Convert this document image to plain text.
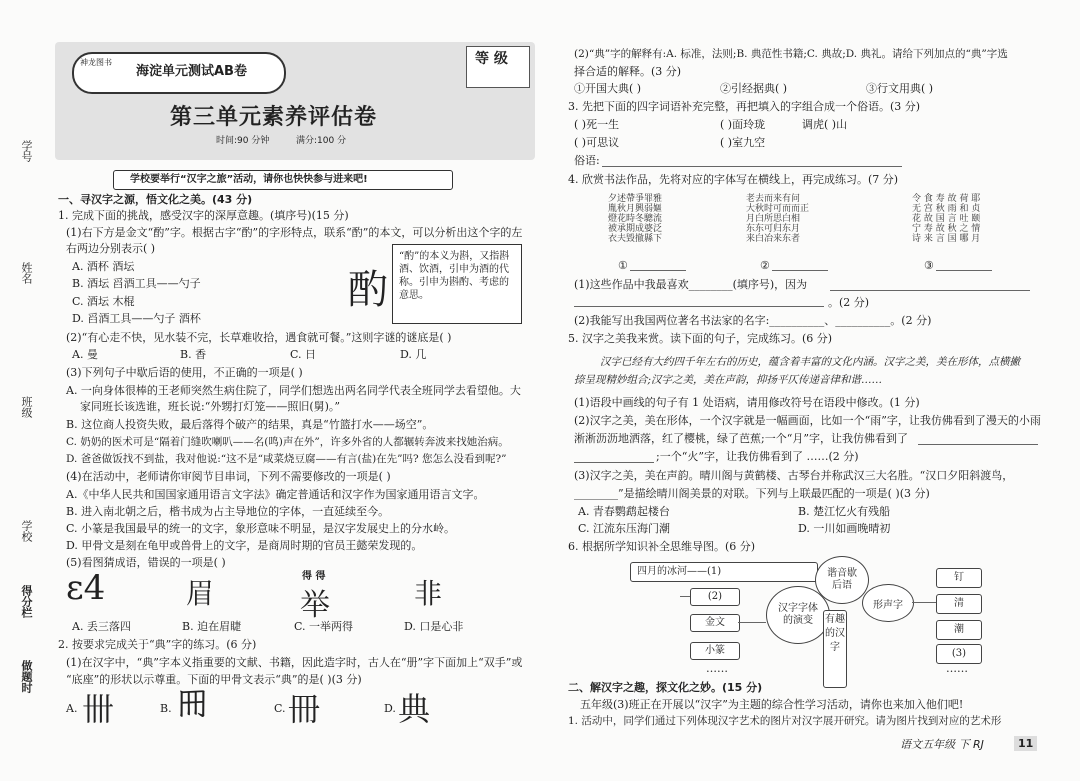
学号
姓名
班级
学校
得分栏
做题时
神龙图书
海淀单元测试AB卷
等 级
第三单元素养评估卷
时间:90 分钟	满分:100 分
学校要举行“汉字之旅”活动，请你也快快参与进来吧!
一、寻汉字之源，悟文化之美。(43 分)
1. 完成下面的挑战，感受汉字的深厚意趣。(填序号)(15 分)
(1)右下方是金文“酌”字。根据古字“酌”的字形特点，联系“酌”的本文，可以分析出这个字的左
右两边分别表示( )
A. 酒杯 酒坛
B. 酒坛 舀酒工具——勺子
C. 酒坛 木棍
D. 舀酒工具——勺子 酒杯
酌
“酌”的本义为斟，又指斟酒、饮酒，引申为酒的代称。引申为斟酌、考虑的意思。
(2)“有心走不快，见水装不完，长草难收拾，遇食就可餐。”这则字谜的谜底是( )
A. 曼	B. 香	C. 日	D. 几
(3)下列句子中歇后语的使用，不正确的一项是( )
A. 一向身体很棒的王老师突然生病住院了，同学们想选出两名同学代表全班同学去看望他。大
家同班长该选谁，班长说:“外甥打灯笼——照旧(舅)。”
B. 这位商人投资失败，最后落得个破产的结果，真是“竹篮打水——场空”。
C. 奶奶的医术可是“隔着门缝吹喇叭——名(鸣)声在外”，许多外省的人都辗转奔波来找她治病。
D. 爸爸做饭找不到盐，我对他说:“这不是“咸菜烧豆腐——有言(盐)在先”吗? 您怎么没看到呢?”
(4)在活动中，老师请你审阅节目串词，下列不需要修改的一项是( )
A.《中华人民共和国国家通用语言文字法》确定普通话和汉字作为国家通用语言文字。
B. 进入南北朝之后，楷书成为占主导地位的字体，一直延续至今。
C. 小篆是我国最早的统一的文字，象形意味不明显，是汉字发展史上的分水岭。
D. 甲骨文是刻在龟甲或兽骨上的文字，是商周时期的官员王懿荣发现的。
(5)看图猜成语，错误的一项是( )
ɛ4	眉
得 得
举	非
A. 丢三落四	B. 迫在眉睫	C. 一举两得	D. 口是心非
2. 按要求完成关于“典”字的练习。(6 分)
(1)在汉字中，“典”字本义指重要的文献、书籍，因此造字时，古人在“册”字下面加上“双手”或
“底座”的形状以示尊重。下面的甲骨文表示“典”的是( )(3 分)
A. 卌	B. 𠕁	C. 冊	D. 典
(2)“典”字的解释有:A. 标准，法则;B. 典范性书籍;C. 典故;D. 典礼。请给下列加点的“典”字选
择合适的解释。(3 分)
①开国大典( )	②引经据典( )	③行文用典( )
3. 先把下面的四字词语补充完整，再把填入的字组合成一个俗语。(3 分)
( )死一生	( )面玲珑	调虎( )山
( )可思议	( )室九空
俗语:
4. 欣赏书法作品，先将对应的字体写在横线上，再完成练习。(7 分)
夕述帶爭罪雅
胤秋月興弱嫗
燈花時冬驄流
被承期成婆泛
衣夫毀撤縣下
老去而来有问
大秋时可而而正
月白所思白相
东东可归东月
来白冶来东者
令 食 寿 故 荷 耶
无 宫 秋 雨 和 贞
花 故 国 言 吐 颐
宁 寿 故 秋 之 情
诗 来 言 国 哪 月
①	②	③
(1)这些作品中我最喜欢________(填序号)，因为
。(2 分)
(2)我能写出我国两位著名书法家的名字:__________、__________。(2 分)
5. 汉字之美我来赏。读下面的句子，完成练习。(6 分)
汉字已经有大约四千年左右的历史，蕴含着丰富的文化内涵。汉字之美，美在形体，点横撇
捺呈现精妙组合;汉字之美，美在声韵，抑扬平仄传递音律和谐……
(1)语段中画线的句子有 1 处语病，请用修改符号在语段中修改。(1 分)
(2)汉字之美，美在形体，一个汉字就是一幅画面，比如一个“雨”字，让我仿佛看到了漫天的小雨
淅淅沥沥地洒落，红了樱桃，绿了芭蕉;一个“月”字，让我仿佛看到了
;一个“火”字，让我仿佛看到了 ……(2 分)
(3)汉字之美，美在声韵。晴川阁与黄鹤楼、古琴台并称武汉三大名胜。“汉口夕阳斜渡鸟，
________”是描绘晴川阁美景的对联。下列与上联最匹配的一项是( )(3 分)
A. 青春鹦鹉起楼台	B. 楚江忆火有残船
C. 江流东压海门潮	D. 一川如画晚晴初
6. 根据所学知识补全思维导图。(6 分)
四月的冰河——(1)	谐音歇后语
汉字字体的演变
形声字
有趣的汉字
(2)
金文
小篆
……
钉
清
潮
(3)
……
二、解汉字之趣，探文化之妙。(15 分)
五年级(3)班正在开展以“汉字”为主题的综合性学习活动，请你也来加入他们吧!
1. 活动中，同学们通过下列体现汉字艺术的图片对汉字展开研究。请为图片找到对应的艺术形
语文五年级 下 RJ	11
